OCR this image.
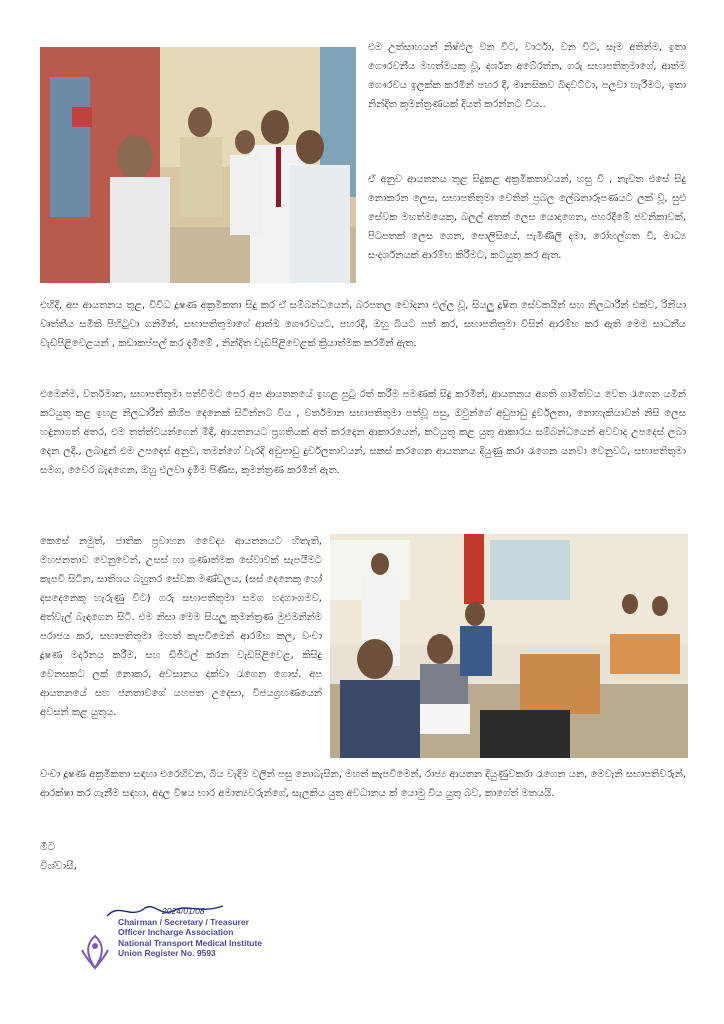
එම උත්සාහයන් නිෂ්ඵල වන විට, වාර්ථා, වන විට, සෑම අතින්ම, ඉතා ගෞරවනීය මහත්මයකු වූ, දර්ශන අබේරත්න, ගරු සභාපතිතුමාගේ, ආත්ම ගෞරවය ඉලක්ක කරමින් පහර දී, මානසිකව බිඳවට්ටා, පලවා හැරීමට, ඉතා නින්දිත කුමන්ත්‍රණයක් දියත් කරන්නට විය..

ඒ අනුව ආයතනය තුළ සිදුකළ අක්‍රමිකතාවයන්, හසු වී , නැවත එසේ සිදු නොකරන ලෙස, සභාපතිතුමා වෙතින් ප්‍රබල ලේඛනාරූපණයට ලක් වූ, සුළු සේවක මහත්මයෙකු, බලල් අතක් ලෙස යොදාගෙන, පහරදීමේ ජවනිකාවක්, පිටපතක් ලෙස ගෙන, පොලිසියේ, පැමිණිලි දමා, රෝහල්ගත වී, මාධ්‍ය සංදර්ශනයක් ආරම්භ කිරීමට, කටයුතු කර ඇත.

එහිදී, අප ආයතනය තුළ, විවිධ දූෂණ අක්‍රමිකතා සිදු කර ඒ සම්බන්ධයෙන්, බරපතල චෝදනා එල්ල වූ, සියලු දූෂිත සේවකයින් සහ නිලධාරීන් එක්ව, රිනියා වෘත්තීය සමිති පිහිටුවා ගනිමින්, සභාපතිතුමාගේ ආත්ම ගෞරවයට, පහරදී, ඔහු බියට පත් කර, සභාපතිතුමා විසින් ආරම්භ කර ඇති මෙම සාධනීය වැඩපිළිවෙළයන් , කඩාකප්පල් කර දැමීමේ , නින්දිත වැඩපිළිවෙළක් ක්‍රියාත්මක කරමින් ඇත.

එමෙන්ම, වර්තමාන, සභාපතිතුමා පත්වීමට පෙර අප ආයතනයේ ඉහළ පුටු රත් කරීම පමණක් සිදු කරමින්, ආයතනය අගති ගාමීත්වය වෙත රැගෙන යමින් කටයුතු කළ ඉහළ නිලධාරීන් කිහිප දෙනෙක් සිටින්නට විය , වර්තමාන සභාපතිතුමා පත්වූ පසු, ඔවුන්ගේ අඩුපාඩු දුර්වලතා, නොහැකියාවන් නිසි ලෙස හඳුනාගත් අතර, එම තත්ත්වයන්ගෙන් මිදී, ආයතනයට ප්‍රගතියක් අත් කරදෙන ආකාරයෙන්, කටයුතු කළ යුතු ආකාරය සම්බන්ධයෙන් අවවාද උපදෙස් ලබා දෙන ලදී., ලබාදුන් එම උපදෙස් අනුව, තමන්ගේ වැරදි අඩුපාඩු දුර්වලතාවයන්, සකස් කරගෙන ආයතනය දියුණු කරා රැගෙන යනවා වෙනුවට, සභාපතිතුමා සමග, වෛර බැඳගෙන, ඔහු එලවා දැමීම පිණිස, කුමන්ත්‍රණ කරමින් ඇත.

කෙසේ නමුත්, ජාතික ප්‍රවාහන වෛද්‍ය ආයතනයට හිතැති, මහජනතාව වෙනුවෙන්, උසස් හා ගුණාත්මක සේවාවක් සැපයීමට කැපවී සිටින, සාතිශය බහුතර සේවක මණ්ඩලය, (සස් දෙනෙකු හෝ දසදෙනෙකු හැරුණු විට) ගරු සභාපතිතුමා සමග හදගාංගමව, අත්වැල් බැඳගෙන සිටී. එම නිසා මෙම සියලු කුමන්ත්‍රණ මුළුමනින්ම පරාජය කර, සභාපතිතුමා මහත් කැපවීමෙන් ආරම්භ කල, වංචා දූෂණ මර්දනය කරීම, සහ ඩිජිටල් කරන වැඩපිළිවෙළ, කිසිදු වෙනසකට ලක් නොකර, අවසානය දක්වා රැගෙන ගොස්. අප ආයතනයේ සහ ජනතාවගේ යහපත උදෙසා, විජයග්‍රහණයෙන් අවසන් කළ යුතුය.

වංචා දූෂණ අක්‍රමිකතා සඳහා එරෙහිවන, බිය වැදීම වලින් පසු නොබැසින, මහත් කැපවීමෙන්, රාජ්‍ය ආයතන දියුණුවකරා රැගෙන යන, මෙවැනි සභාපතිවරුන්, ආරක්ෂා කර ගැනීම සඳහා, අදාල විෂය භාර අමාත්‍යවරුන්ගේ, සැලකිය යුතු අවධානය ක් යොමු විය යුතු බව, කාගේත් මතයයි.

මීට
විශ්වාසී,
2024/01/08
Chairman / Secretary / Treasurer
Officer Incharge Association
National Transport Medical Institute
Union Register No. 9593
